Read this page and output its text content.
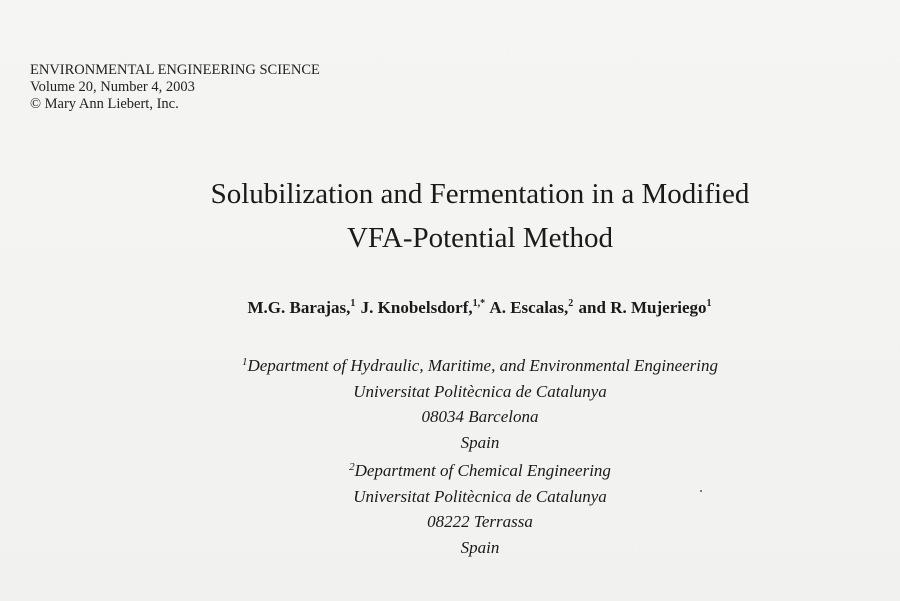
ENVIRONMENTAL ENGINEERING SCIENCE
Volume 20, Number 4, 2003
© Mary Ann Liebert, Inc.
Solubilization and Fermentation in a Modified
VFA-Potential Method
M.G. Barajas,$^1$ J. Knobelsdorf,$^{1,*}$ A. Escalas,$^2$ and R. Mujeriego$^1$
$^1$Department of Hydraulic, Maritime, and Environmental Engineering
Universitat Politècnica de Catalunya
08034 Barcelona
Spain
$^2$Department of Chemical Engineering
Universitat Politècnica de Catalunya
08222 Terrassa
Spain
